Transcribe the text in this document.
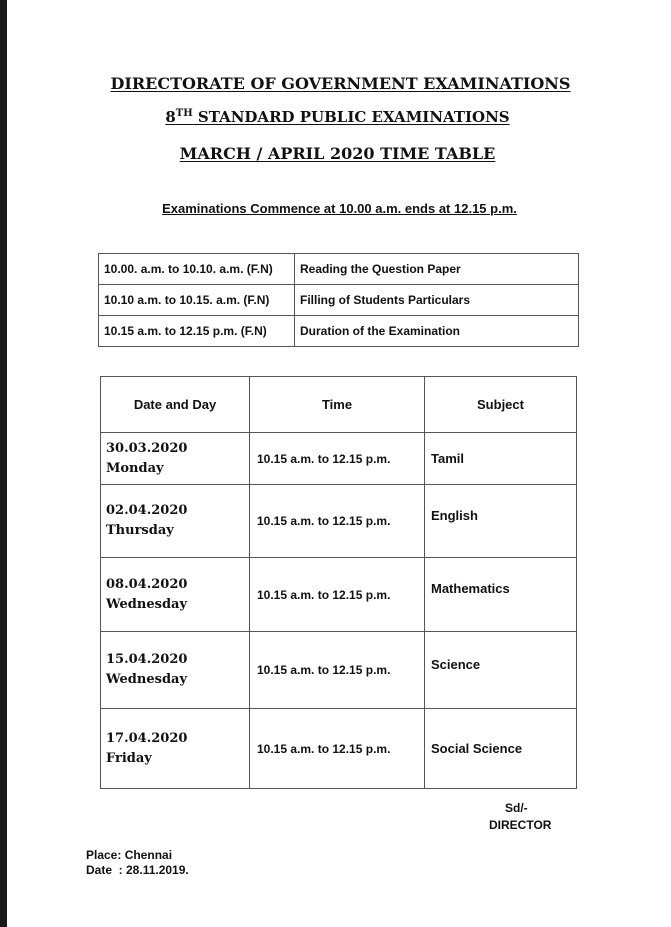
DIRECTORATE OF GOVERNMENT EXAMINATIONS
8TH STANDARD PUBLIC EXAMINATIONS
MARCH / APRIL 2020 TIME TABLE
Examinations Commence at 10.00 a.m. ends at 12.15 p.m.
10.00. a.m. to 10.10. a.m. (F.N)	Reading the Question Paper
10.10 a.m. to 10.15. a.m. (F.N)	Filling of Students Particulars
10.15 a.m. to 12.15 p.m. (F.N)	Duration of the Examination
Date and Day	Time	Subject

30.03.2020
Monday	10.15 a.m. to 12.15 p.m.	Tamil

02.04.2020
Thursday	10.15 a.m. to 12.15 p.m.	English

08.04.2020
Wednesday	10.15 a.m. to 12.15 p.m.	Mathematics

15.04.2020
Wednesday	10.15 a.m. to 12.15 p.m.	Science

17.04.2020
Friday	10.15 a.m. to 12.15 p.m.	Social Science
Sd/-
DIRECTOR
Place: Chennai
Date  : 28.11.2019.
